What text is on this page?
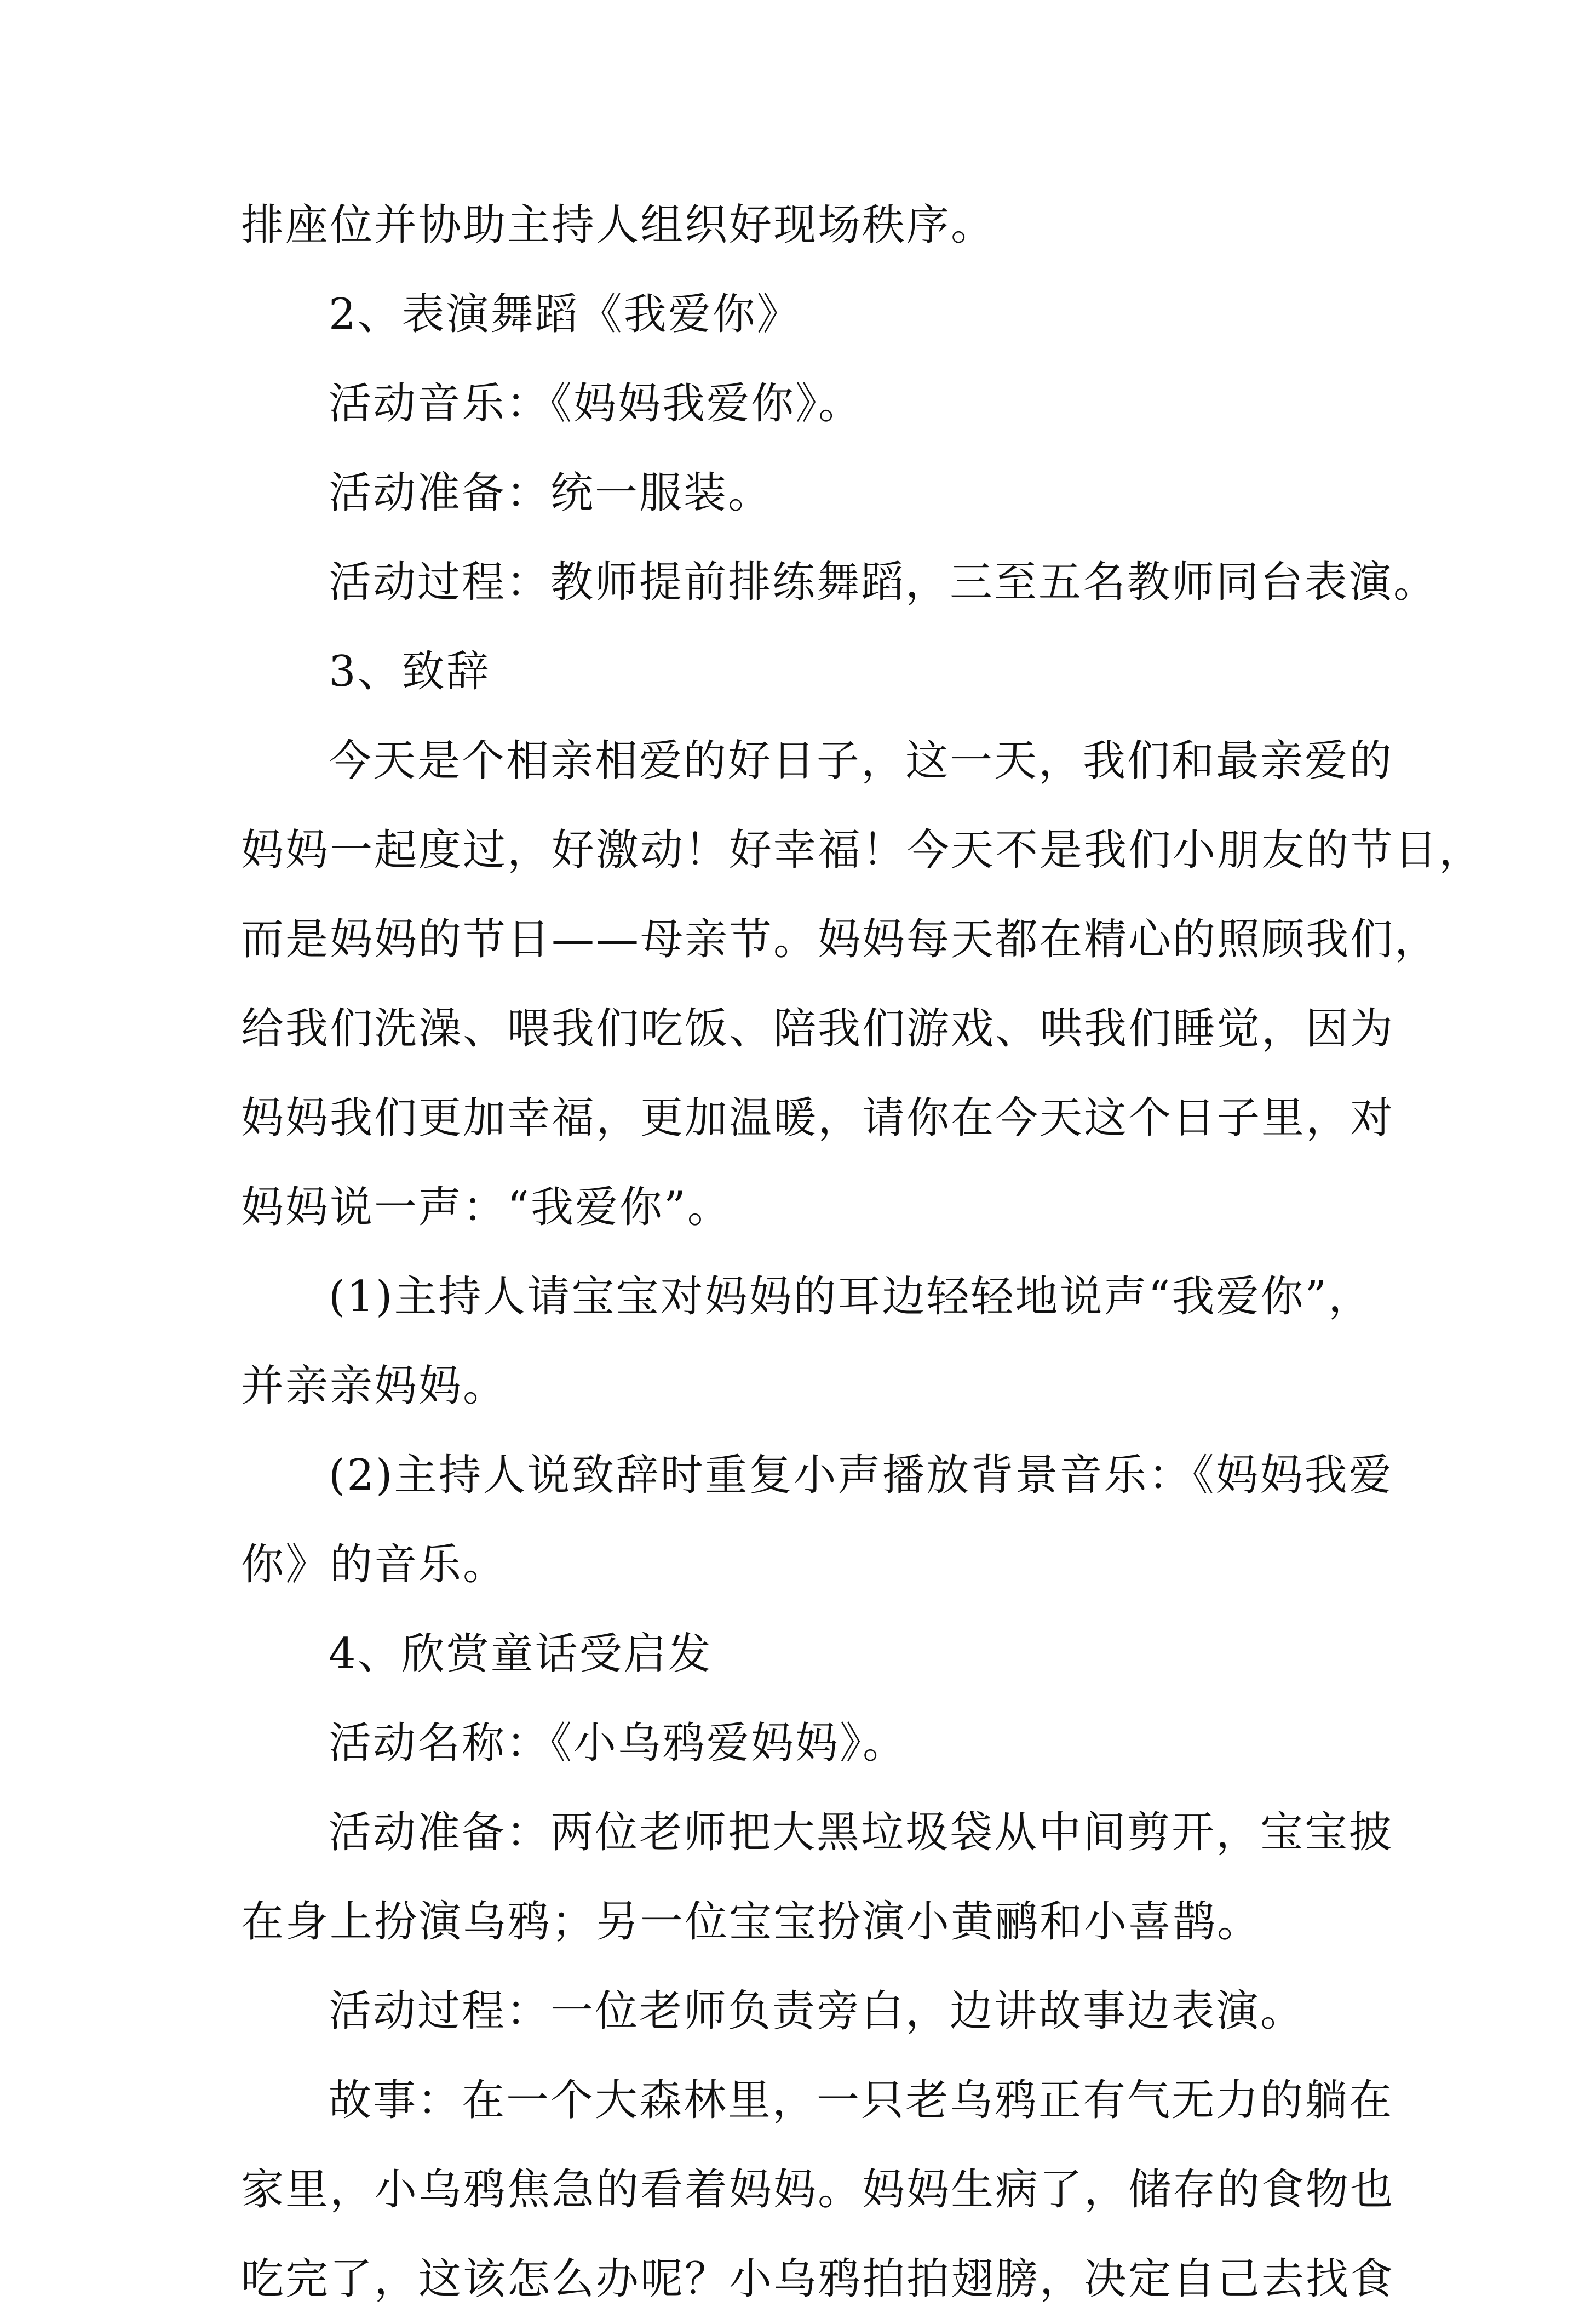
排座位并协助主持人组织好现场秩序。
2、表演舞蹈《我爱你》
活动音乐：《妈妈我爱你》。
活动准备：统一服装。
活动过程：教师提前排练舞蹈，三至五名教师同台表演。
3、致辞
今天是个相亲相爱的好日子，这一天，我们和最亲爱的
妈妈一起度过，好激动！好幸福！今天不是我们小朋友的节日，
而是妈妈的节日——母亲节。妈妈每天都在精心的照顾我们，
给我们洗澡、喂我们吃饭、陪我们游戏、哄我们睡觉，因为
妈妈我们更加幸福，更加温暖，请你在今天这个日子里，对
妈妈说一声：“我爱你”。
(1)主持人请宝宝对妈妈的耳边轻轻地说声“我爱你”，
并亲亲妈妈。
(2)主持人说致辞时重复小声播放背景音乐：《妈妈我爱
你》的音乐。
4、欣赏童话受启发
活动名称：《小乌鸦爱妈妈》。
活动准备：两位老师把大黑垃圾袋从中间剪开，宝宝披
在身上扮演乌鸦；另一位宝宝扮演小黄鹂和小喜鹊。
活动过程：一位老师负责旁白，边讲故事边表演。
故事：在一个大森林里，一只老乌鸦正有气无力的躺在
家里，小乌鸦焦急的看着妈妈。妈妈生病了，储存的食物也
吃完了，这该怎么办呢？小乌鸦拍拍翅膀，决定自己去找食
